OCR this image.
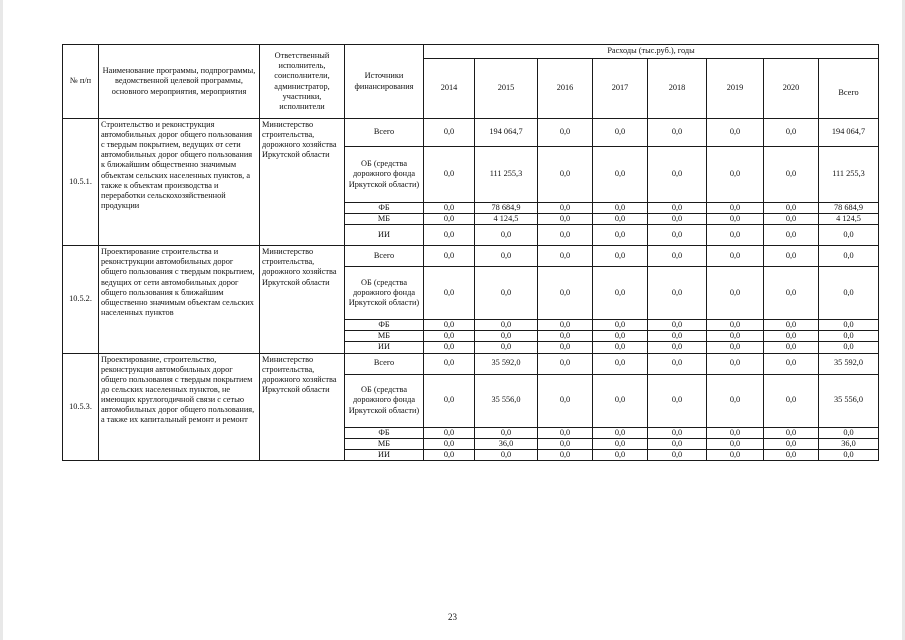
№ п/п	Наименование программы, подпрограммы, ведомственной целевой программы, основного мероприятия, мероприятия	Ответственный исполнитель, соисполнители, администратор, участники, исполнители	Источники финансирования	Расходы (тыс.руб.), годы							
				2014	2015	2016	2017	2018	2019	2020	Всего
10.5.1.	Строительство и реконструкция автомобильных дорог общего пользования с твердым покрытием, ведущих от сети автомобильных дорог общего пользования к ближайшим общественно значимым объектам сельских населенных пунктов, а также к объектам производства и переработки сельскохозяйственной продукции	Министерство строительства, дорожного хозяйства Иркутской области	Всего	0,0	194 064,7	0,0	0,0	0,0	0,0	0,0	194 064,7
			ОБ (средства дорожного фонда Иркутской области)	0,0	111 255,3	0,0	0,0	0,0	0,0	0,0	111 255,3
			ФБ	0,0	78 684,9	0,0	0,0	0,0	0,0	0,0	78 684,9
			МБ	0,0	4 124,5	0,0	0,0	0,0	0,0	0,0	4 124,5
			ИИ	0,0	0,0	0,0	0,0	0,0	0,0	0,0	0,0
10.5.2.	Проектирование строительства и реконструкции автомобильных дорог общего пользования с твердым покрытием, ведущих от сети автомобильных дорог общего пользования к ближайшим общественно значимым объектам сельских населенных пунктов	Министерство строительства, дорожного хозяйства Иркутской области	Всего	0,0	0,0	0,0	0,0	0,0	0,0	0,0	0,0
			ОБ (средства дорожного фонда Иркутской области)	0,0	0,0	0,0	0,0	0,0	0,0	0,0	0,0
			ФБ	0,0	0,0	0,0	0,0	0,0	0,0	0,0	0,0
			МБ	0,0	0,0	0,0	0,0	0,0	0,0	0,0	0,0
			ИИ	0,0	0,0	0,0	0,0	0,0	0,0	0,0	0,0
10.5.3.	Проектирование, строительство, реконструкция автомобильных дорог общего пользования с твердым покрытием до сельских населенных пунктов, не имеющих круглогодичной связи с сетью автомобильных дорог общего пользования, а также их капитальный ремонт и ремонт	Министерство строительства, дорожного хозяйства Иркутской области	Всего	0,0	35 592,0	0,0	0,0	0,0	0,0	0,0	35 592,0
			ОБ (средства дорожного фонда Иркутской области)	0,0	35 556,0	0,0	0,0	0,0	0,0	0,0	35 556,0
			ФБ	0,0	0,0	0,0	0,0	0,0	0,0	0,0	0,0
			МБ	0,0	36,0	0,0	0,0	0,0	0,0	0,0	36,0
			ИИ	0,0	0,0	0,0	0,0	0,0	0,0	0,0	0,0
23
